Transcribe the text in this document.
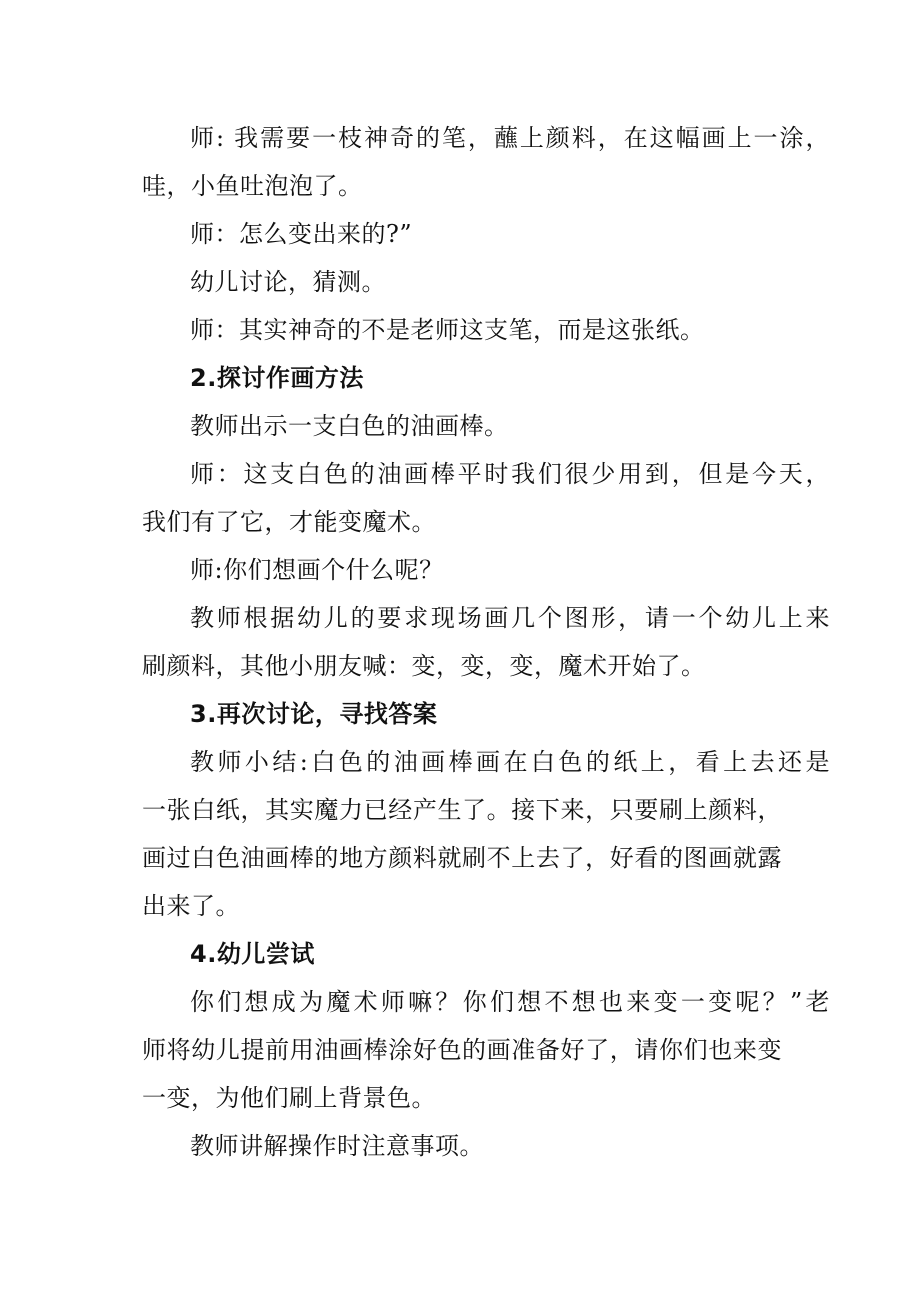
师: 我需要一枝神奇的笔，蘸上颜料，在这幅画上一涂，
哇，小鱼吐泡泡了。
师：怎么变出来的?”
幼儿讨论，猜测。
师：其实神奇的不是老师这支笔，而是这张纸。
2.探讨作画方法
教师出示一支白色的油画棒。
师：这支白色的油画棒平时我们很少用到，但是今天，
我们有了它，才能变魔术。
师:你们想画个什么呢？
教师根据幼儿的要求现场画几个图形，请一个幼儿上来
刷颜料，其他小朋友喊：变，变，变，魔术开始了。
3.再次讨论，寻找答案
教师小结:白色的油画棒画在白色的纸上，看上去还是
一张白纸，其实魔力已经产生了。接下来，只要刷上颜料，
画过白色油画棒的地方颜料就刷不上去了，好看的图画就露
出来了。
4.幼儿尝试
你们想成为魔术师嘛？你们想不想也来变一变呢？”老
师将幼儿提前用油画棒涂好色的画准备好了，请你们也来变
一变，为他们刷上背景色。
教师讲解操作时注意事项。
